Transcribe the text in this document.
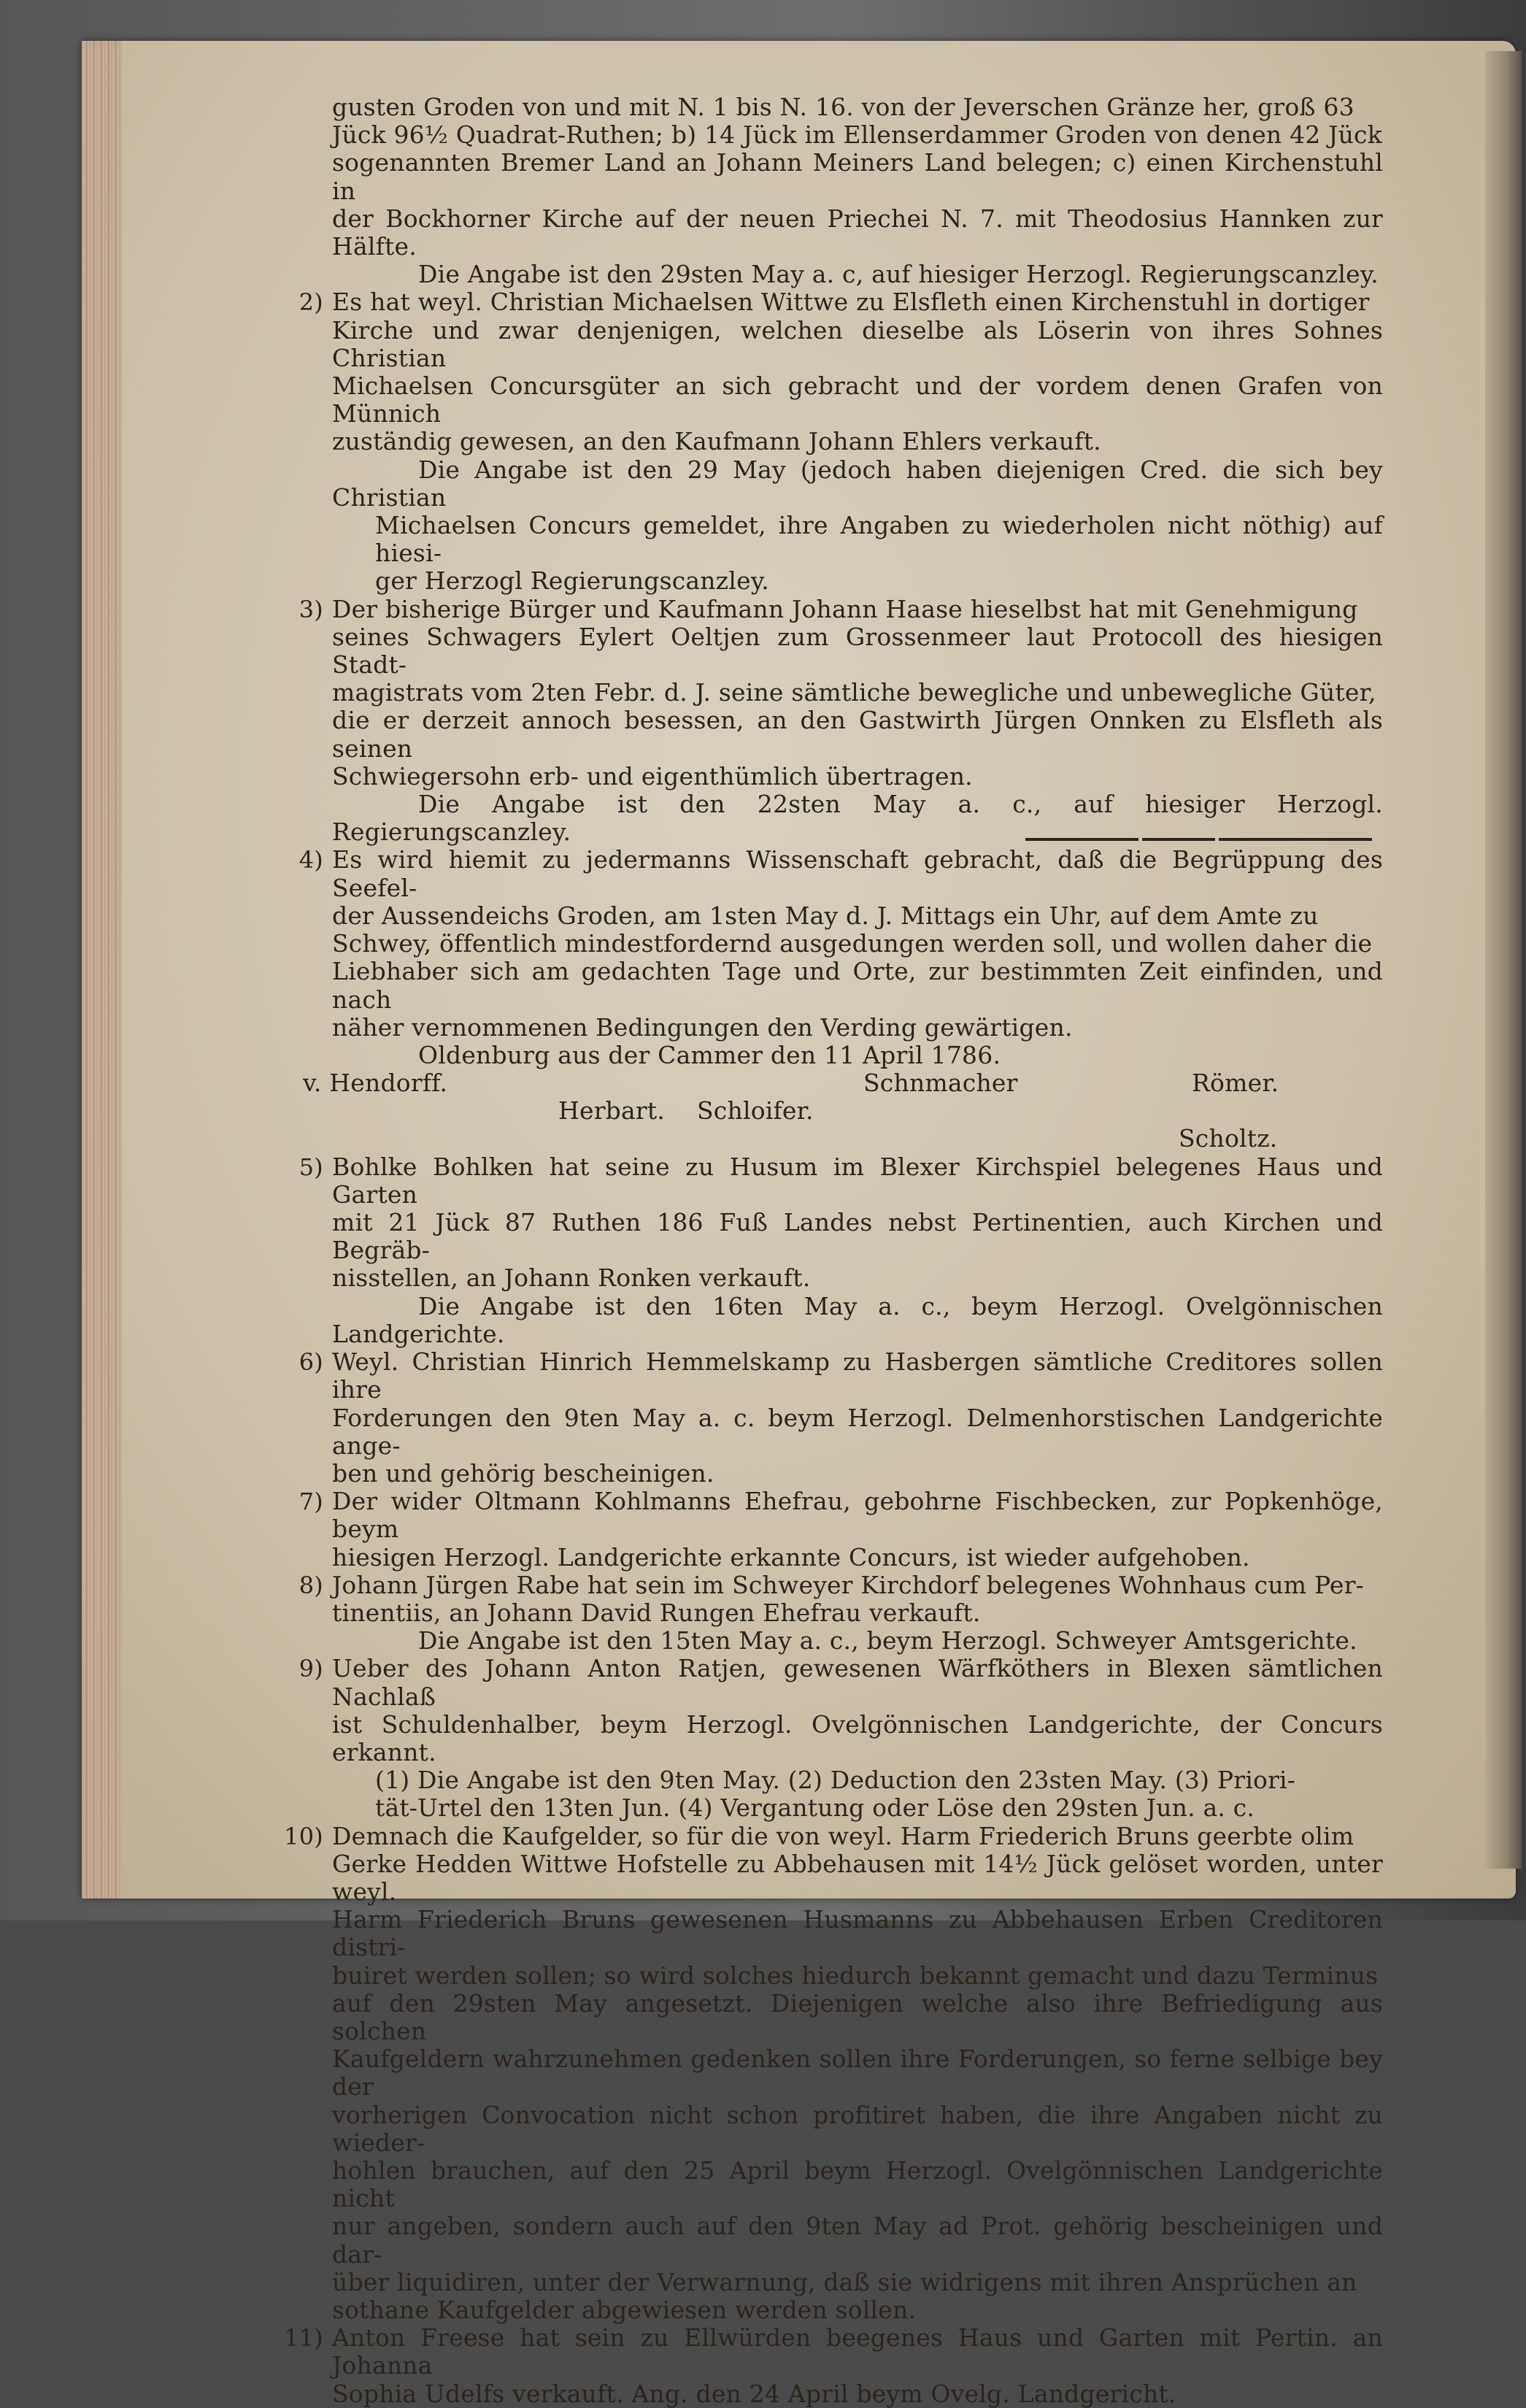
gusten Groden von und mit N. 1 bis N. 16. von der Jeverschen Gränze her, groß 63

Jück 96½ Quadrat-Ruthen; b) 14 Jück im Ellenserdammer Groden von denen 42 Jück

sogenannten Bremer Land an Johann Meiners Land belegen; c) einen Kirchenstuhl in

der Bockhorner Kirche auf der neuen Priechei N. 7. mit Theodosius Hannken zur Hälfte.

Die Angabe ist den 29sten May a. c, auf hiesiger Herzogl. Regierungscanzley.

2) Es hat weyl. Christian Michaelsen Wittwe zu Elsfleth einen Kirchenstuhl in dortiger

Kirche und zwar denjenigen, welchen dieselbe als Löserin von ihres Sohnes Christian

Michaelsen Concursgüter an sich gebracht und der vordem denen Grafen von Münnich

zuständig gewesen, an den Kaufmann Johann Ehlers verkauft.

Die Angabe ist den 29 May (jedoch haben diejenigen Cred. die sich bey Christian

Michaelsen Concurs gemeldet, ihre Angaben zu wiederholen nicht nöthig) auf hiesi-

ger Herzogl Regierungscanzley.

3) Der bisherige Bürger und Kaufmann Johann Haase hieselbst hat mit Genehmigung

seines Schwagers Eylert Oeltjen zum Grossenmeer laut Protocoll des hiesigen Stadt-

magistrats vom 2ten Febr. d. J. seine sämtliche bewegliche und unbewegliche Güter,

die er derzeit annoch besessen, an den Gastwirth Jürgen Onnken zu Elsfleth als seinen

Schwiegersohn erb- und eigenthümlich übertragen.

Die Angabe ist den 22sten May a. c., auf hiesiger Herzogl. Regierungscanzley.

4) Es wird hiemit zu jedermanns Wissenschaft gebracht, daß die Begrüppung des Seefel-

der Aussendeichs Groden, am 1sten May d. J. Mittags ein Uhr, auf dem Amte zu

Schwey, öffentlich mindestfordernd ausgedungen werden soll, und wollen daher die

Liebhaber sich am gedachten Tage und Orte, zur bestimmten Zeit einfinden, und nach

näher vernommenen Bedingungen den Verding gewärtigen.

Oldenburg aus der Cammer den 11 April 1786.

v. Hendorff.	Schnmacher	Römer.
Herbart. Schloifer.
Scholtz.
5) Bohlke Bohlken hat seine zu Husum im Blexer Kirchspiel belegenes Haus und Garten

mit 21 Jück 87 Ruthen 186 Fuß Landes nebst Pertinentien, auch Kirchen und Begräb-

nisstellen, an Johann Ronken verkauft.

Die Angabe ist den 16ten May a. c., beym Herzogl. Ovelgönnischen Landgerichte.

6) Weyl. Christian Hinrich Hemmelskamp zu Hasbergen sämtliche Creditores sollen ihre

Forderungen den 9ten May a. c. beym Herzogl. Delmenhorstischen Landgerichte ange-

ben und gehörig bescheinigen.

7) Der wider Oltmann Kohlmanns Ehefrau, gebohrne Fischbecken, zur Popkenhöge, beym

hiesigen Herzogl. Landgerichte erkannte Concurs, ist wieder aufgehoben.

8) Johann Jürgen Rabe hat sein im Schweyer Kirchdorf belegenes Wohnhaus cum Per-

tinentiis, an Johann David Rungen Ehefrau verkauft.

Die Angabe ist den 15ten May a. c., beym Herzogl. Schweyer Amtsgerichte.

9) Ueber des Johann Anton Ratjen, gewesenen Wärfköthers in Blexen sämtlichen Nachlaß

ist Schuldenhalber, beym Herzogl. Ovelgönnischen Landgerichte, der Concurs erkannt.

(1) Die Angabe ist den 9ten May. (2) Deduction den 23sten May. (3) Priori-

tät-Urtel den 13ten Jun. (4) Vergantung oder Löse den 29sten Jun. a. c.

10) Demnach die Kaufgelder, so für die von weyl. Harm Friederich Bruns geerbte olim

Gerke Hedden Wittwe Hofstelle zu Abbehausen mit 14½ Jück gelöset worden, unter weyl.

Harm Friederich Bruns gewesenen Husmanns zu Abbehausen Erben Creditoren distri-

buiret werden sollen; so wird solches hiedurch bekannt gemacht und dazu Terminus

auf den 29sten May angesetzt. Diejenigen welche also ihre Befriedigung aus solchen

Kaufgeldern wahrzunehmen gedenken sollen ihre Forderungen, so ferne selbige bey der

vorherigen Convocation nicht schon profitiret haben, die ihre Angaben nicht zu wieder-

hohlen brauchen, auf den 25 April beym Herzogl. Ovelgönnischen Landgerichte nicht

nur angeben, sondern auch auf den 9ten May ad Prot. gehörig bescheinigen und dar-

über liquidiren, unter der Verwarnung, daß sie widrigens mit ihren Ansprüchen an

sothane Kaufgelder abgewiesen werden sollen.

11) Anton Freese hat sein zu Ellwürden beegenes Haus und Garten mit Pertin. an Johanna

Sophia Udelfs verkauft. Ang. den 24 April beym Ovelg. Landgericht.
